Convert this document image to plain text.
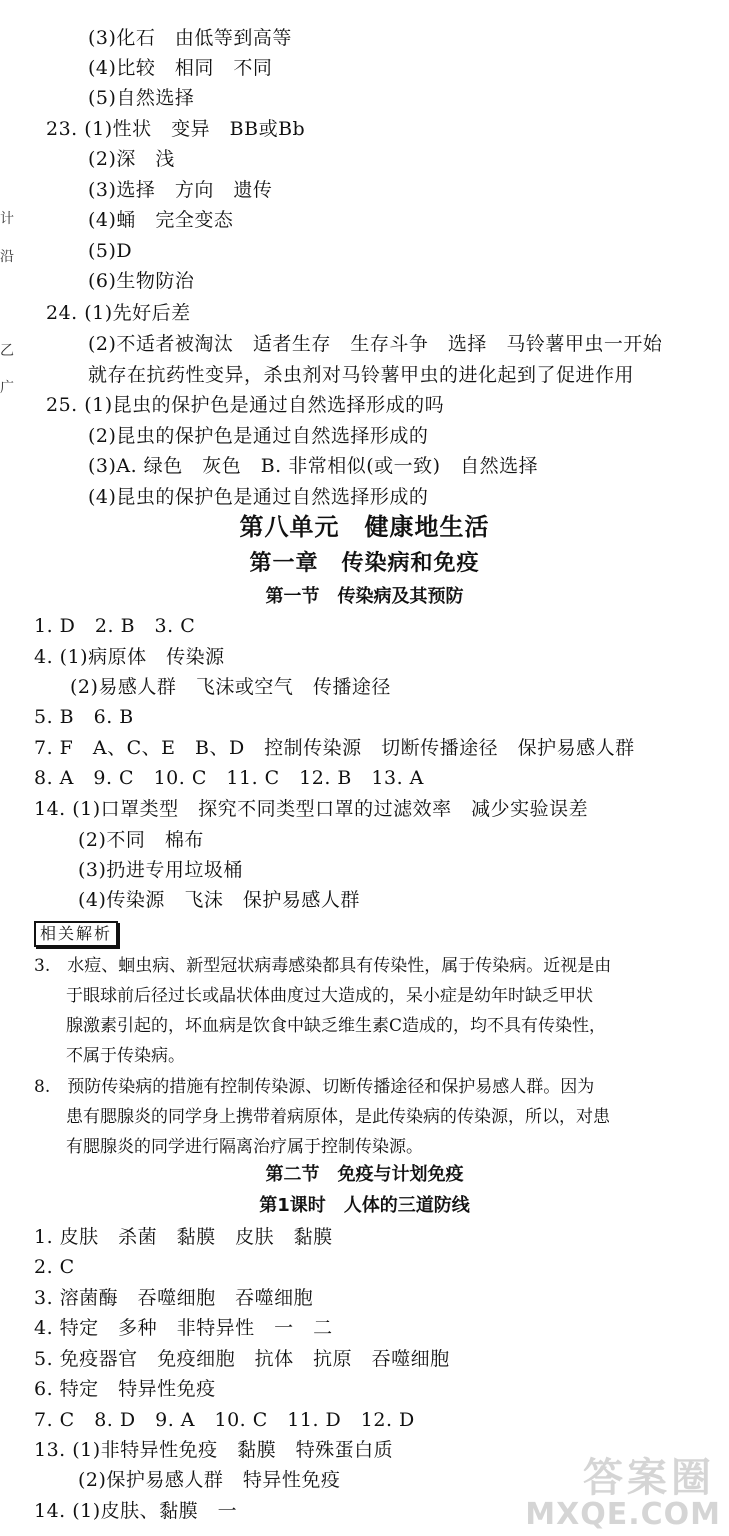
计
沿
乙
广
(3)化石　由低等到高等
(4)比较　相同　不同
(5)自然选择
23. (1)性状　变异　BB或Bb
(2)深　浅
(3)选择　方向　遗传
(4)蛹　完全变态
(5)D
(6)生物防治
24. (1)先好后差
(2)不适者被淘汰　适者生存　生存斗争　选择　马铃薯甲虫一开始
就存在抗药性变异，杀虫剂对马铃薯甲虫的进化起到了促进作用
25. (1)昆虫的保护色是通过自然选择形成的吗
(2)昆虫的保护色是通过自然选择形成的
(3)A. 绿色　灰色　B. 非常相似(或一致)　自然选择
(4)昆虫的保护色是通过自然选择形成的
第八单元　健康地生活
第一章　传染病和免疫
第一节　传染病及其预防
1. D　2. B　3. C
4. (1)病原体　传染源
(2)易感人群　飞沫或空气　传播途径
5. B　6. B
7. F　A、C、E　B、D　控制传染源　切断传播途径　保护易感人群
8. A　9. C　10. C　11. C　12. B　13. A
14. (1)口罩类型　探究不同类型口罩的过滤效率　减少实验误差
(2)不同　棉布
(3)扔进专用垃圾桶
(4)传染源　飞沫　保护易感人群
相关解析
3.　水痘、蛔虫病、新型冠状病毒感染都具有传染性，属于传染病。近视是由
于眼球前后径过长或晶状体曲度过大造成的，呆小症是幼年时缺乏甲状
腺激素引起的，坏血病是饮食中缺乏维生素C造成的，均不具有传染性，
不属于传染病。
8.　预防传染病的措施有控制传染源、切断传播途径和保护易感人群。因为
患有腮腺炎的同学身上携带着病原体，是此传染病的传染源，所以，对患
有腮腺炎的同学进行隔离治疗属于控制传染源。
第二节　免疫与计划免疫
第1课时　人体的三道防线
1. 皮肤　杀菌　黏膜　皮肤　黏膜
2. C
3. 溶菌酶　吞噬细胞　吞噬细胞
4. 特定　多种　非特异性　一　二
5. 免疫器官　免疫细胞　抗体　抗原　吞噬细胞
6. 特定　特异性免疫
7. C　8. D　9. A　10. C　11. D　12. D
13. (1)非特异性免疫　黏膜　特殊蛋白质
(2)保护易感人群　特异性免疫
14. (1)皮肤、黏膜　一
答案圈
MXQE.COM
